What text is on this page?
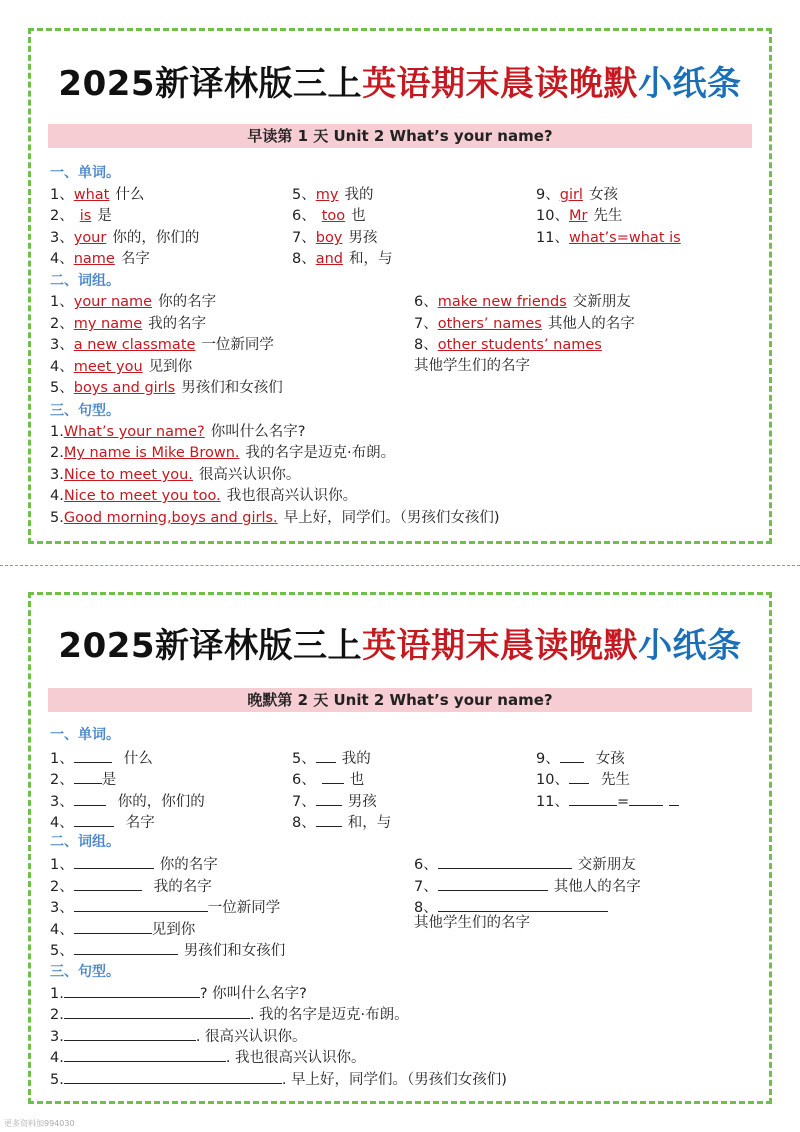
2025新译林版三上英语期末晨读晚默小纸条
早读第 1 天 Unit 2 What’s your name?
一、单词。
二、词组。
三、句型。
1、what 什么
2、 is 是
3、your 你的，你们的
4、name 名字
5、my 我的
6、 too 也
7、boy 男孩
8、and 和，与
9、girl 女孩
10、Mr 先生
11、what’s=what is
1、your name 你的名字
2、my name 我的名字
3、a new classmate 一位新同学
4、meet you 见到你
5、boys and girls 男孩们和女孩们
6、make new friends 交新朋友
7、others’ names 其他人的名字
8、other students’ names
其他学生们的名字
1.What’s your name? 你叫什么名字?
2.My name is Mike Brown. 我的名字是迈克·布朗。
3.Nice to meet you. 很高兴认识你。
4.Nice to meet you too. 我也很高兴认识你。
5.Good morning,boys and girls. 早上好，同学们。（男孩们女孩们)
2025新译林版三上英语期末晨读晚默小纸条
晚默第 2 天 Unit 2 What’s your name?
一、单词。
二、词组。
三、句型。
1、	什么
2、 是
3、	你的，你们的
4、	名字
5、 我的
6、 也
7、 男孩
8、 和，与
9、 女孩
10、 先生
11、	=
1、	你的名字
2、	我的名字
3、	一位新同学
4、	见到你
5、	男孩们和女孩们
6、	交新朋友
7、	其他人的名字
8、
其他学生们的名字
1.	? 你叫什么名字?
2.	. 我的名字是迈克·布朗。
3.	. 很高兴认识你。
4.	. 我也很高兴认识你。
5.	. 早上好，同学们。（男孩们女孩们)
更多资料加994030
